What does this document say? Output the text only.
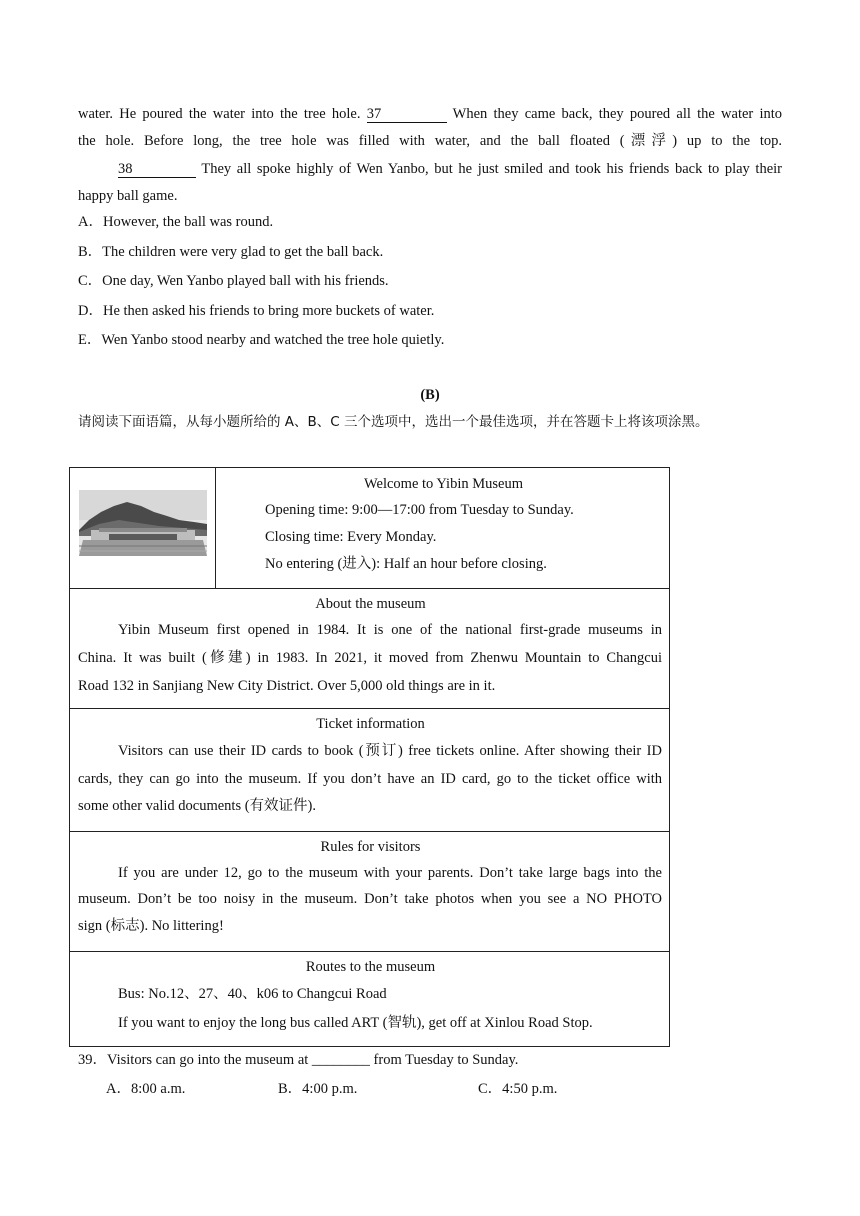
water. He poured the water into the tree hole. 37	When they came back, they poured all the water into
the hole. Before long, the tree hole was filled with water, and the ball floated (漂浮) up to the top.
38	They all spoke highly of Wen Yanbo, but he just smiled and took his friends back to play their
happy ball game.
A．However, the ball was round.
B．The children were very glad to get the ball back.
C．One day, Wen Yanbo played ball with his friends.
D．He then asked his friends to bring more buckets of water.
E．Wen Yanbo stood nearby and watched the tree hole quietly.
(B)
请阅读下面语篇，从每小题所给的 A、B、C 三个选项中，选出一个最佳选项，并在答题卡上将该项涂黑。
Welcome to Yibin Museum
Opening time: 9:00—17:00 from Tuesday to Sunday.
Closing time: Every Monday.
No entering (进入): Half an hour before closing.
About the museum
Yibin Museum first opened in 1984. It is one of the national first-grade museums in
China. It was built (修建) in 1983. In 2021, it moved from Zhenwu Mountain to Changcui
Road 132 in Sanjiang New City District. Over 5,000 old things are in it.
Ticket information
Visitors can use their ID cards to book (预订) free tickets online. After showing their ID
cards, they can go into the museum. If you don’t have an ID card, go to the ticket office with
some other valid documents (有效证件).
Rules for visitors
If you are under 12, go to the museum with your parents. Don’t take large bags into the
museum. Don’t be too noisy in the museum. Don’t take photos when you see a NO PHOTO
sign (标志). No littering!
Routes to the museum
Bus: No.12、27、40、k06 to Changcui Road
If you want to enjoy the long bus called ART (智轨), get off at Xinlou Road Stop.
39．Visitors can go into the museum at ________ from Tuesday to Sunday.
A．8:00 a.m.	B．4:00 p.m.	C．4:50 p.m.
